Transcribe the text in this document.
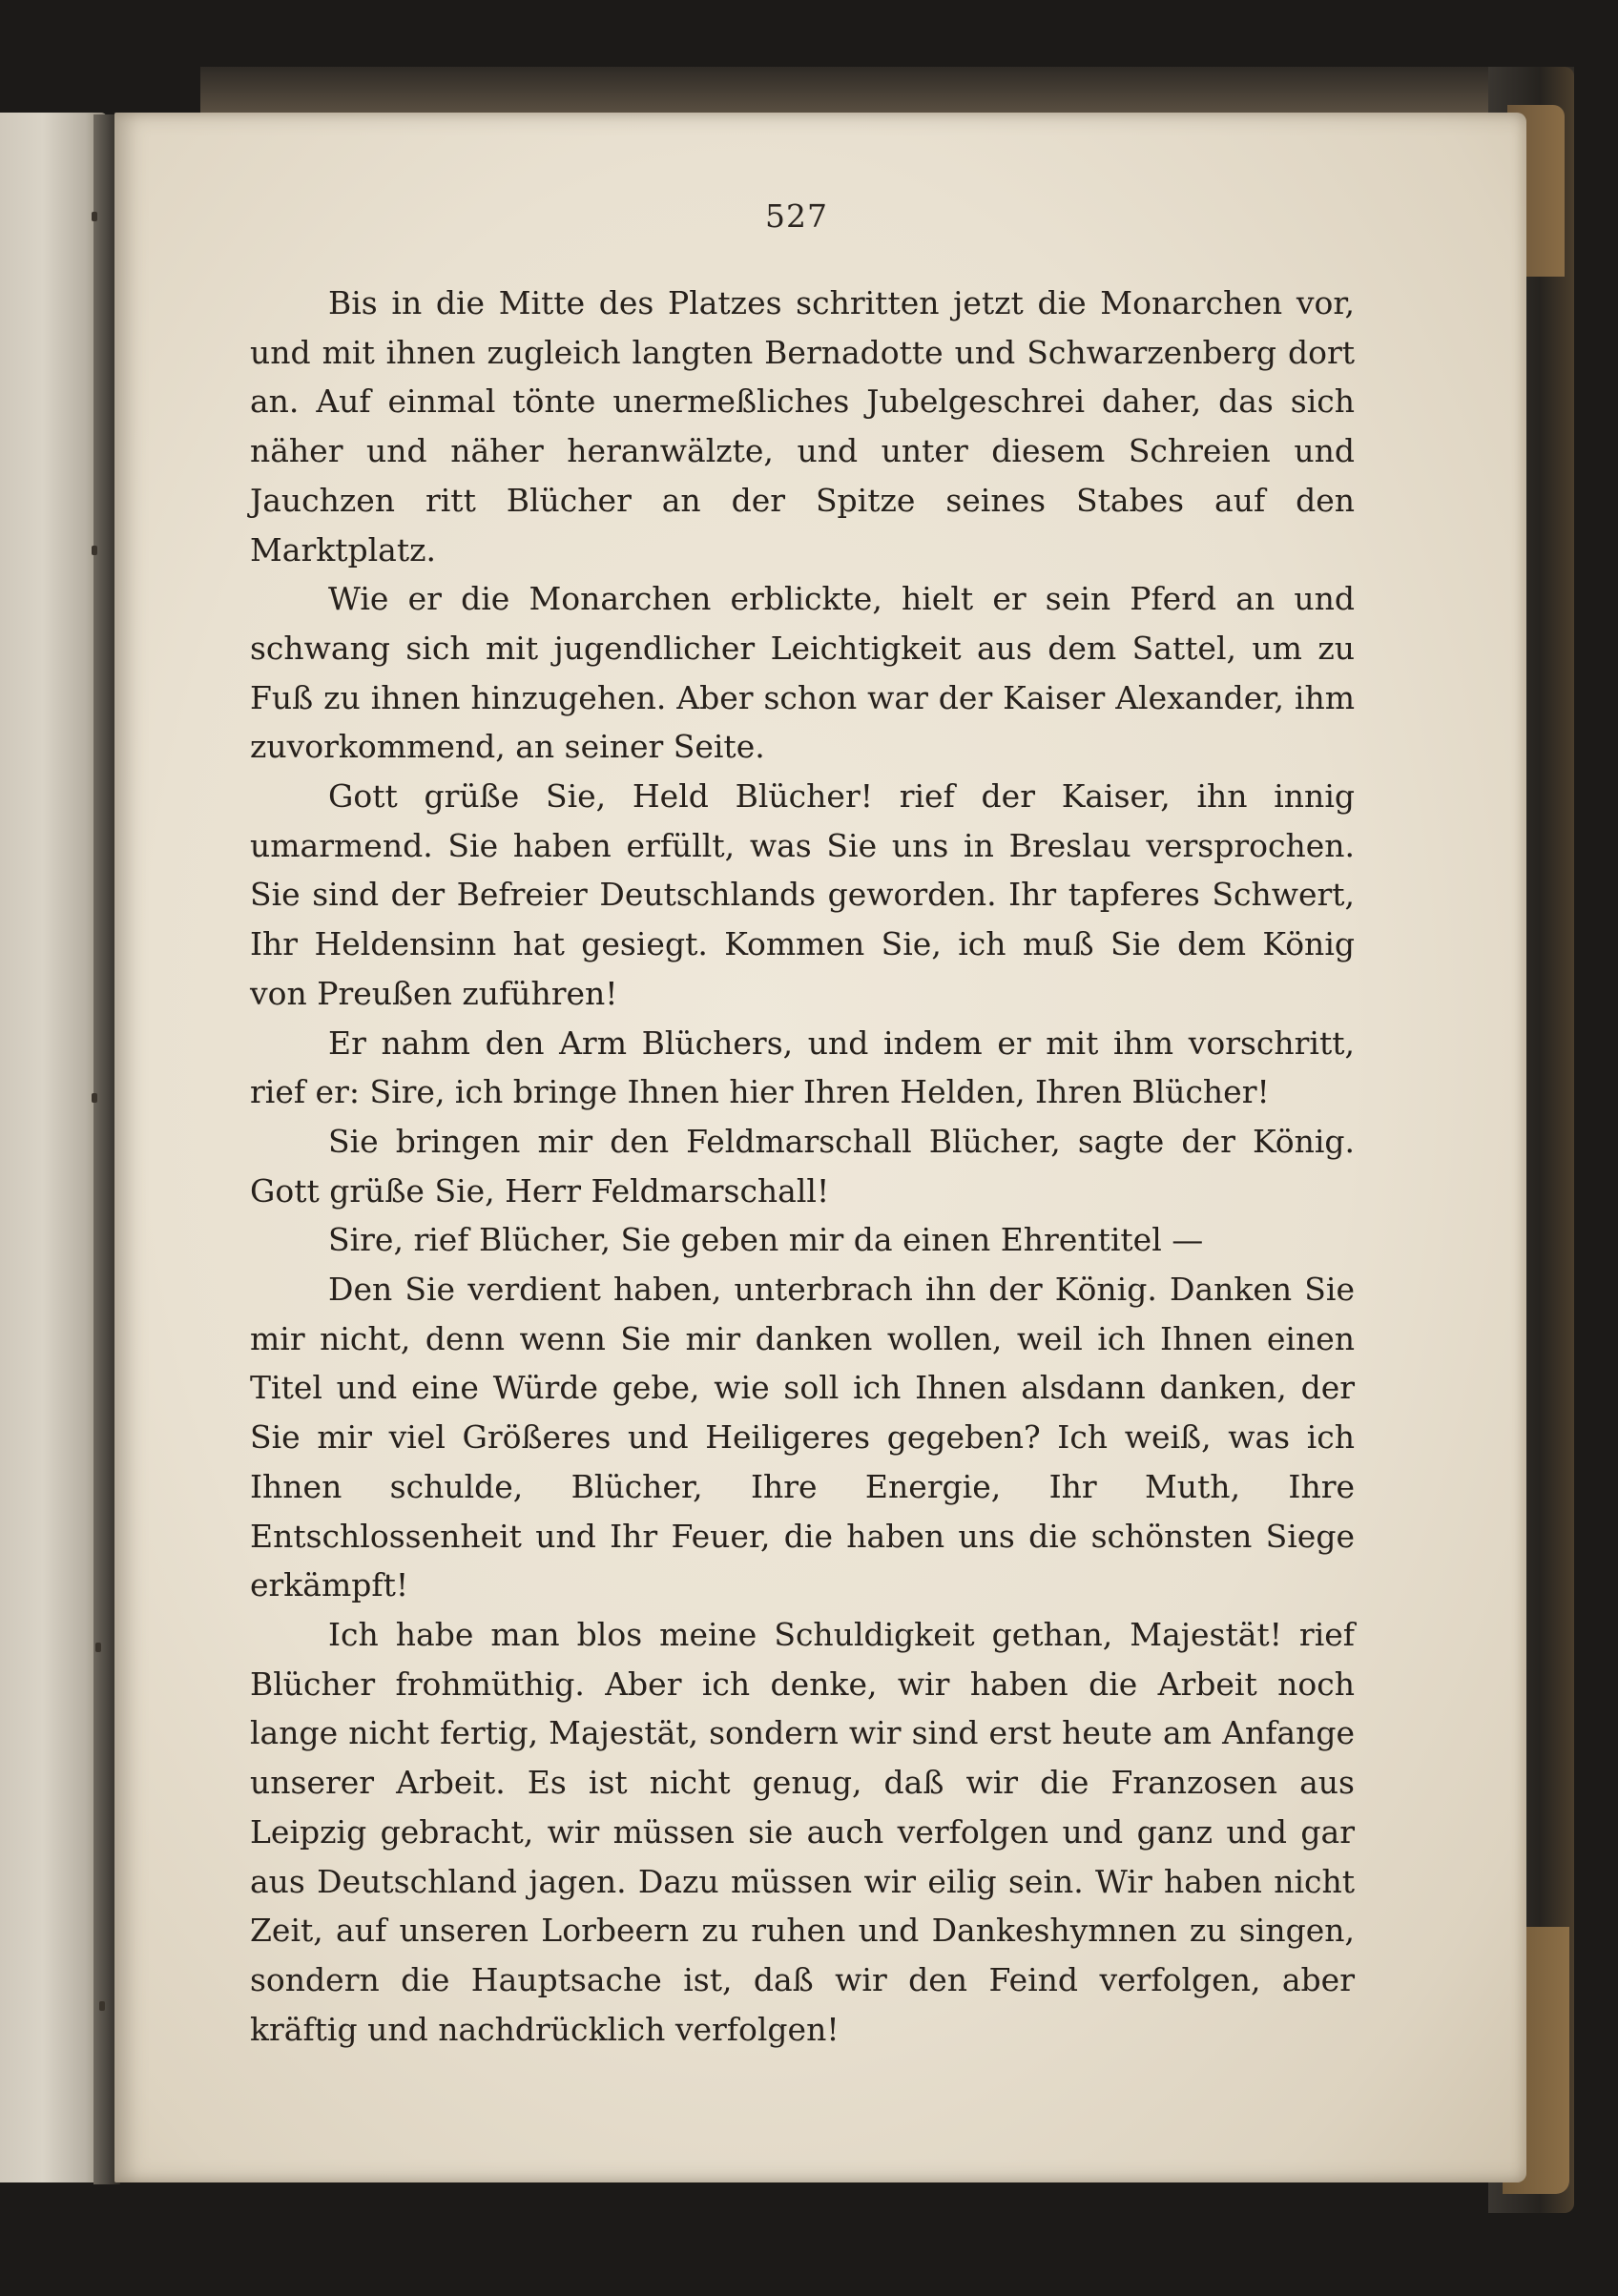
527

Bis in die Mitte des Platzes schritten jetzt die Monarchen vor, und mit ihnen zugleich langten Bernadotte und Schwarzenberg dort an. Auf einmal tönte unermeßliches Jubelgeschrei daher, das sich näher und näher heranwälzte, und unter diesem Schreien und Jauchzen ritt Blücher an der Spitze seines Stabes auf den Marktplatz.

Wie er die Monarchen erblickte, hielt er sein Pferd an und schwang sich mit jugendlicher Leichtigkeit aus dem Sattel, um zu Fuß zu ihnen hinzugehen. Aber schon war der Kaiser Alexander, ihm zuvorkommend, an seiner Seite.

Gott grüße Sie, Held Blücher! rief der Kaiser, ihn innig umarmend. Sie haben erfüllt, was Sie uns in Breslau versprochen. Sie sind der Befreier Deutschlands geworden. Ihr tapferes Schwert, Ihr Heldensinn hat gesiegt. Kommen Sie, ich muß Sie dem König von Preußen zuführen!

Er nahm den Arm Blüchers, und indem er mit ihm vorschritt, rief er: Sire, ich bringe Ihnen hier Ihren Helden, Ihren Blücher!

Sie bringen mir den Feldmarschall Blücher, sagte der König. Gott grüße Sie, Herr Feldmarschall!

Sire, rief Blücher, Sie geben mir da einen Ehrentitel —

Den Sie verdient haben, unterbrach ihn der König. Danken Sie mir nicht, denn wenn Sie mir danken wollen, weil ich Ihnen einen Titel und eine Würde gebe, wie soll ich Ihnen alsdann danken, der Sie mir viel Größeres und Heiligeres gegeben? Ich weiß, was ich Ihnen schulde, Blücher, Ihre Energie, Ihr Muth, Ihre Entschlossenheit und Ihr Feuer, die haben uns die schönsten Siege erkämpft!

Ich habe man blos meine Schuldigkeit gethan, Majestät! rief Blücher frohmüthig. Aber ich denke, wir haben die Arbeit noch lange nicht fertig, Majestät, sondern wir sind erst heute am Anfange unserer Arbeit. Es ist nicht genug, daß wir die Franzosen aus Leipzig gebracht, wir müssen sie auch verfolgen und ganz und gar aus Deutschland jagen. Dazu müssen wir eilig sein. Wir haben nicht Zeit, auf unseren Lorbeern zu ruhen und Dankeshymnen zu singen, sondern die Hauptsache ist, daß wir den Feind verfolgen, aber kräftig und nachdrücklich verfolgen!
